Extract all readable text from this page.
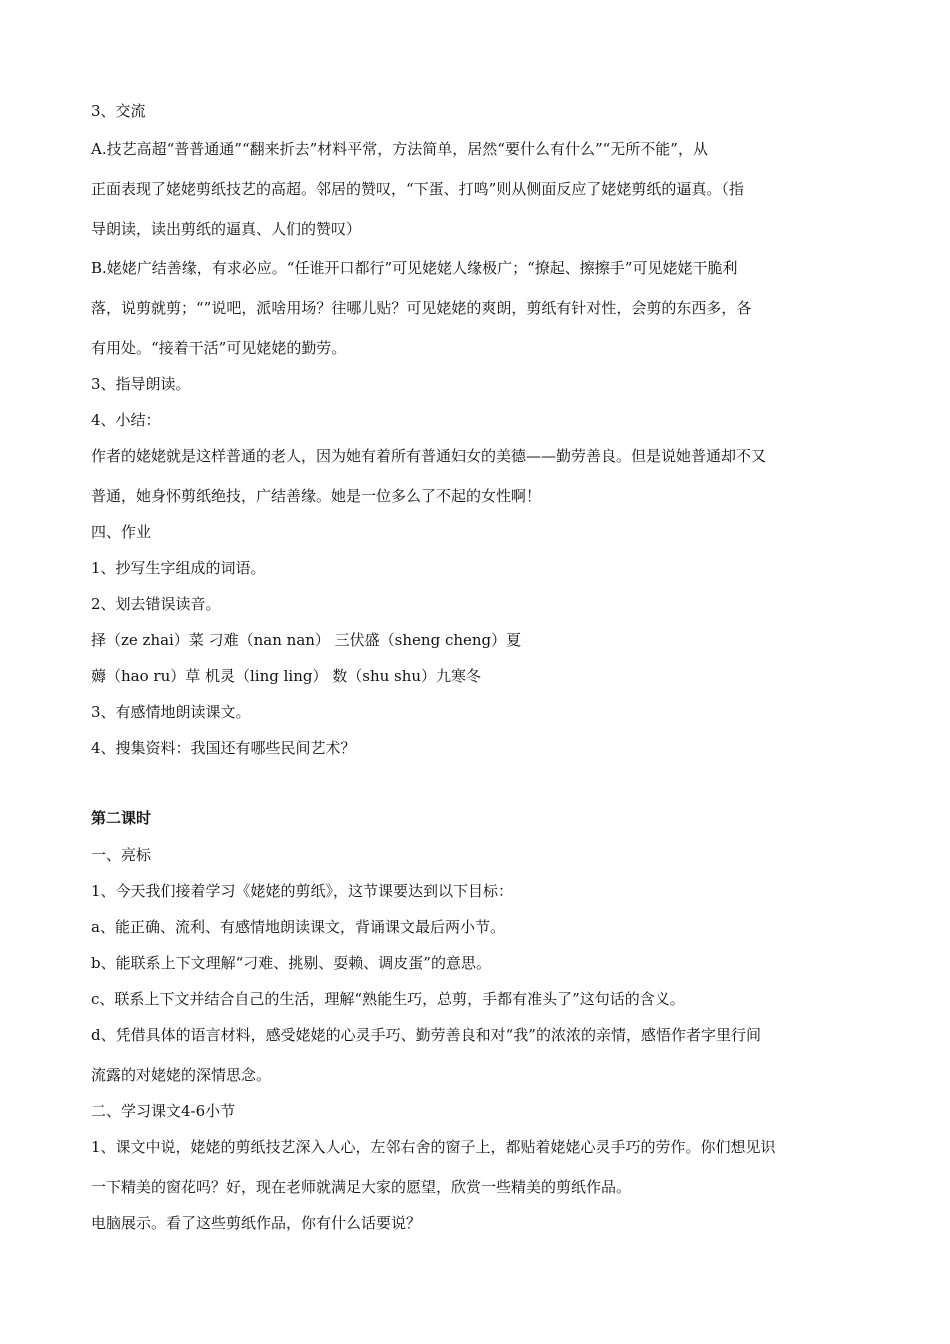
3、交流
A.技艺高超“普普通通”“翻来折去”材料平常，方法简单，居然“要什么有什么”“无所不能”，从
正面表现了姥姥剪纸技艺的高超。邻居的赞叹，“下蛋、打鸣”则从侧面反应了姥姥剪纸的逼真。（指
导朗读，读出剪纸的逼真、人们的赞叹）
B.姥姥广结善缘，有求必应。“任谁开口都行”可见姥姥人缘极广；“撩起、擦擦手”可见姥姥干脆利
落，说剪就剪；“”说吧，派啥用场？往哪儿贴？可见姥姥的爽朗，剪纸有针对性，会剪的东西多，各
有用处。“接着干活”可见姥姥的勤劳。
3、指导朗读。
4、小结：
作者的姥姥就是这样普通的老人，因为她有着所有普通妇女的美德——勤劳善良。但是说她普通却不又
普通，她身怀剪纸绝技，广结善缘。她是一位多么了不起的女性啊！
四、作业
1、抄写生字组成的词语。
2、划去错误读音。
择（ze zhai）菜 刁难（nan nan） 三伏盛（sheng cheng）夏
薅（hao ru）草 机灵（ling ling） 数（shu shu）九寒冬
3、有感情地朗读课文。
4、搜集资料：我国还有哪些民间艺术？
第二课时
一、亮标
1、今天我们接着学习《姥姥的剪纸》，这节课要达到以下目标：
a、能正确、流利、有感情地朗读课文，背诵课文最后两小节。
b、能联系上下文理解“刁难、挑剔、耍赖、调皮蛋”的意思。
c、联系上下文并结合自己的生活，理解“熟能生巧，总剪，手都有准头了”这句话的含义。
d、凭借具体的语言材料，感受姥姥的心灵手巧、勤劳善良和对“我”的浓浓的亲情，感悟作者字里行间
流露的对姥姥的深情思念。
二、学习课文4-6小节
1、课文中说，姥姥的剪纸技艺深入人心，左邻右舍的窗子上，都贴着姥姥心灵手巧的劳作。你们想见识
一下精美的窗花吗？好，现在老师就满足大家的愿望，欣赏一些精美的剪纸作品。
电脑展示。看了这些剪纸作品，你有什么话要说？
